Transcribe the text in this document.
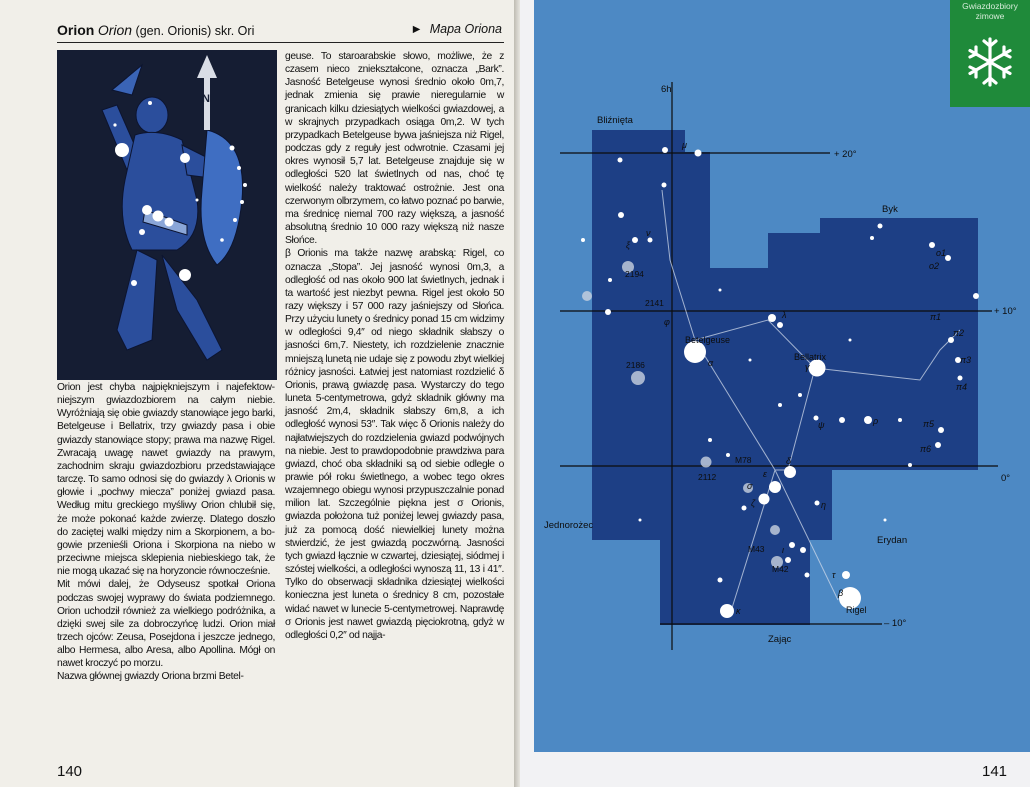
Orion Orion (gen. Orionis) skr. Ori	► Mapa Oriona
N

Orion jest chyba najpiękniejszym i najefektowniejszym gwiazdozbiorem na całym niebie. Wyróżniają się obie gwiazdy stanowiące jego barki, Betelgeuse i Bellatrix, trzy gwiazdy pasa i obie gwiazdy stanowiące stopy; prawa ma nazwę Rigel. Zwracają uwagę nawet gwiazdy na prawym, zachodnim skraju gwiazdozbioru przedstawiające tarczę. To samo odnosi się do gwiazdy λ Orionis w głowie i „pochwy miecza” poniżej gwiazd pasa. Według mitu greckiego myśliwy Orion chlubił się, że może pokonać każde zwierzę. Dlatego doszło do zaciętej walki między nim a Skorpionem, a bogowie przenieśli Oriona i Skorpiona na niebo w przeciwne miejsca sklepienia niebieskiego tak, że nie mogą ukazać się na horyzoncie równocześnie.

Mit mówi dalej, że Odyseusz spotkał Oriona podczas swojej wyprawy do świata podziemnego. Orion uchodził również za wielkiego podróżnika, a dzięki swej sile za dobroczyńcę ludzi. Orion miał trzech ojców: Zeusa, Posejdona i jeszcze jednego, albo Hermesa, albo Aresa, albo Apollina. Mógł on nawet kroczyć po morzu.

Nazwa głównej gwiazdy Oriona brzmi Betel-

geuse. To staroarabskie słowo, możliwe, że z czasem nieco zniekształcone, oznacza „Bark”. Jasność Betelgeuse wynosi średnio około 0m,7, jednak zmienia się prawie nieregularnie w granicach kilku dziesiątych wielkości gwiazdowej, a w skrajnych przypadkach osiąga 0m,2. W tych przypadkach Betelgeuse bywa jaśniejsza niż Rigel, podczas gdy z reguły jest odwrotnie. Czasami jej okres wynosił 5,7 lat. Betelgeuse znajduje się w odległości 520 lat świetlnych od nas, choć tę wielkość należy traktować ostrożnie. Jest ona czerwonym olbrzymem, co łatwo poznać po barwie, ma średnicę niemal 700 razy większą, a jasność absolutną średnio 10 000 razy większą niż nasze Słońce.

β Orionis ma także nazwę arabską: Rigel, co oznacza „Stopa”. Jej jasność wynosi 0m,3, a odległość od nas około 900 lat świetlnych, jednak i ta wartość jest niezbyt pewna. Rigel jest około 50 razy większy i 57 000 razy jaśniejszy od Słońca. Przy użyciu lunety o średnicy ponad 15 cm widzimy w odległości 9,4″ od niego składnik słabszy o jasności 6m,7. Niestety, ich rozdzielenie znacznie mniejszą lunetą nie udaje się z powodu zbyt wielkiej różnicy jasności. Łatwiej jest natomiast rozdzielić δ Orionis, prawą gwiazdę pasa. Wystarczy do tego luneta 5-centymetrowa, gdyż składnik główny ma jasność 2m,4, składnik słabszy 6m,8, a ich odległość wynosi 53″. Tak więc δ Orionis należy do najłatwiejszych do rozdzielenia gwiazd podwójnych na niebie. Jest to prawdopodobnie prawdziwa para gwiazd, choć oba składniki są od siebie odległe o prawie pół roku świetlnego, a wobec tego okres wzajemnego obiegu wynosi przypuszczalnie ponad milion lat. Szczególnie piękna jest σ Orionis, gwiazda położona tuż poniżej lewej gwiazdy pasa, już za pomocą dość niewielkiej lunety można stwierdzić, że jest gwiazdą poczwórną. Jasności tych gwiazd łącznie w czwartej, dziesiątej, siódmej i szóstej wielkości, a odległości wynoszą 11, 13 i 41″. Tylko do obserwacji składnika dziesiątej wielkości konieczna jest luneta o średnicy 8 cm, pozostałe widać nawet w lunecie 5-centymetrowej. Naprawdę σ Orionis jest nawet gwiazdą pięciokrotną, gdyż w odległości 0,2″ od najja-

140
6h
+ 20°
+ 10°
0°
– 10°
Bliźnięta
Byk
Jednorożec
Erydan
Zając
Betelgeuse
Bellatrix
Rigel
2194
2141
2186
2112
M78
M43
M42
μ
ξ
ν
λ
α	γ
φ
ψ
δ
ε
ζ
σ
η
ι
κ
τ
β
ρ
ο1
ο2
π1
π2
π3
π4
π5
π6
141
Gwiazdozbiory
zimowe
